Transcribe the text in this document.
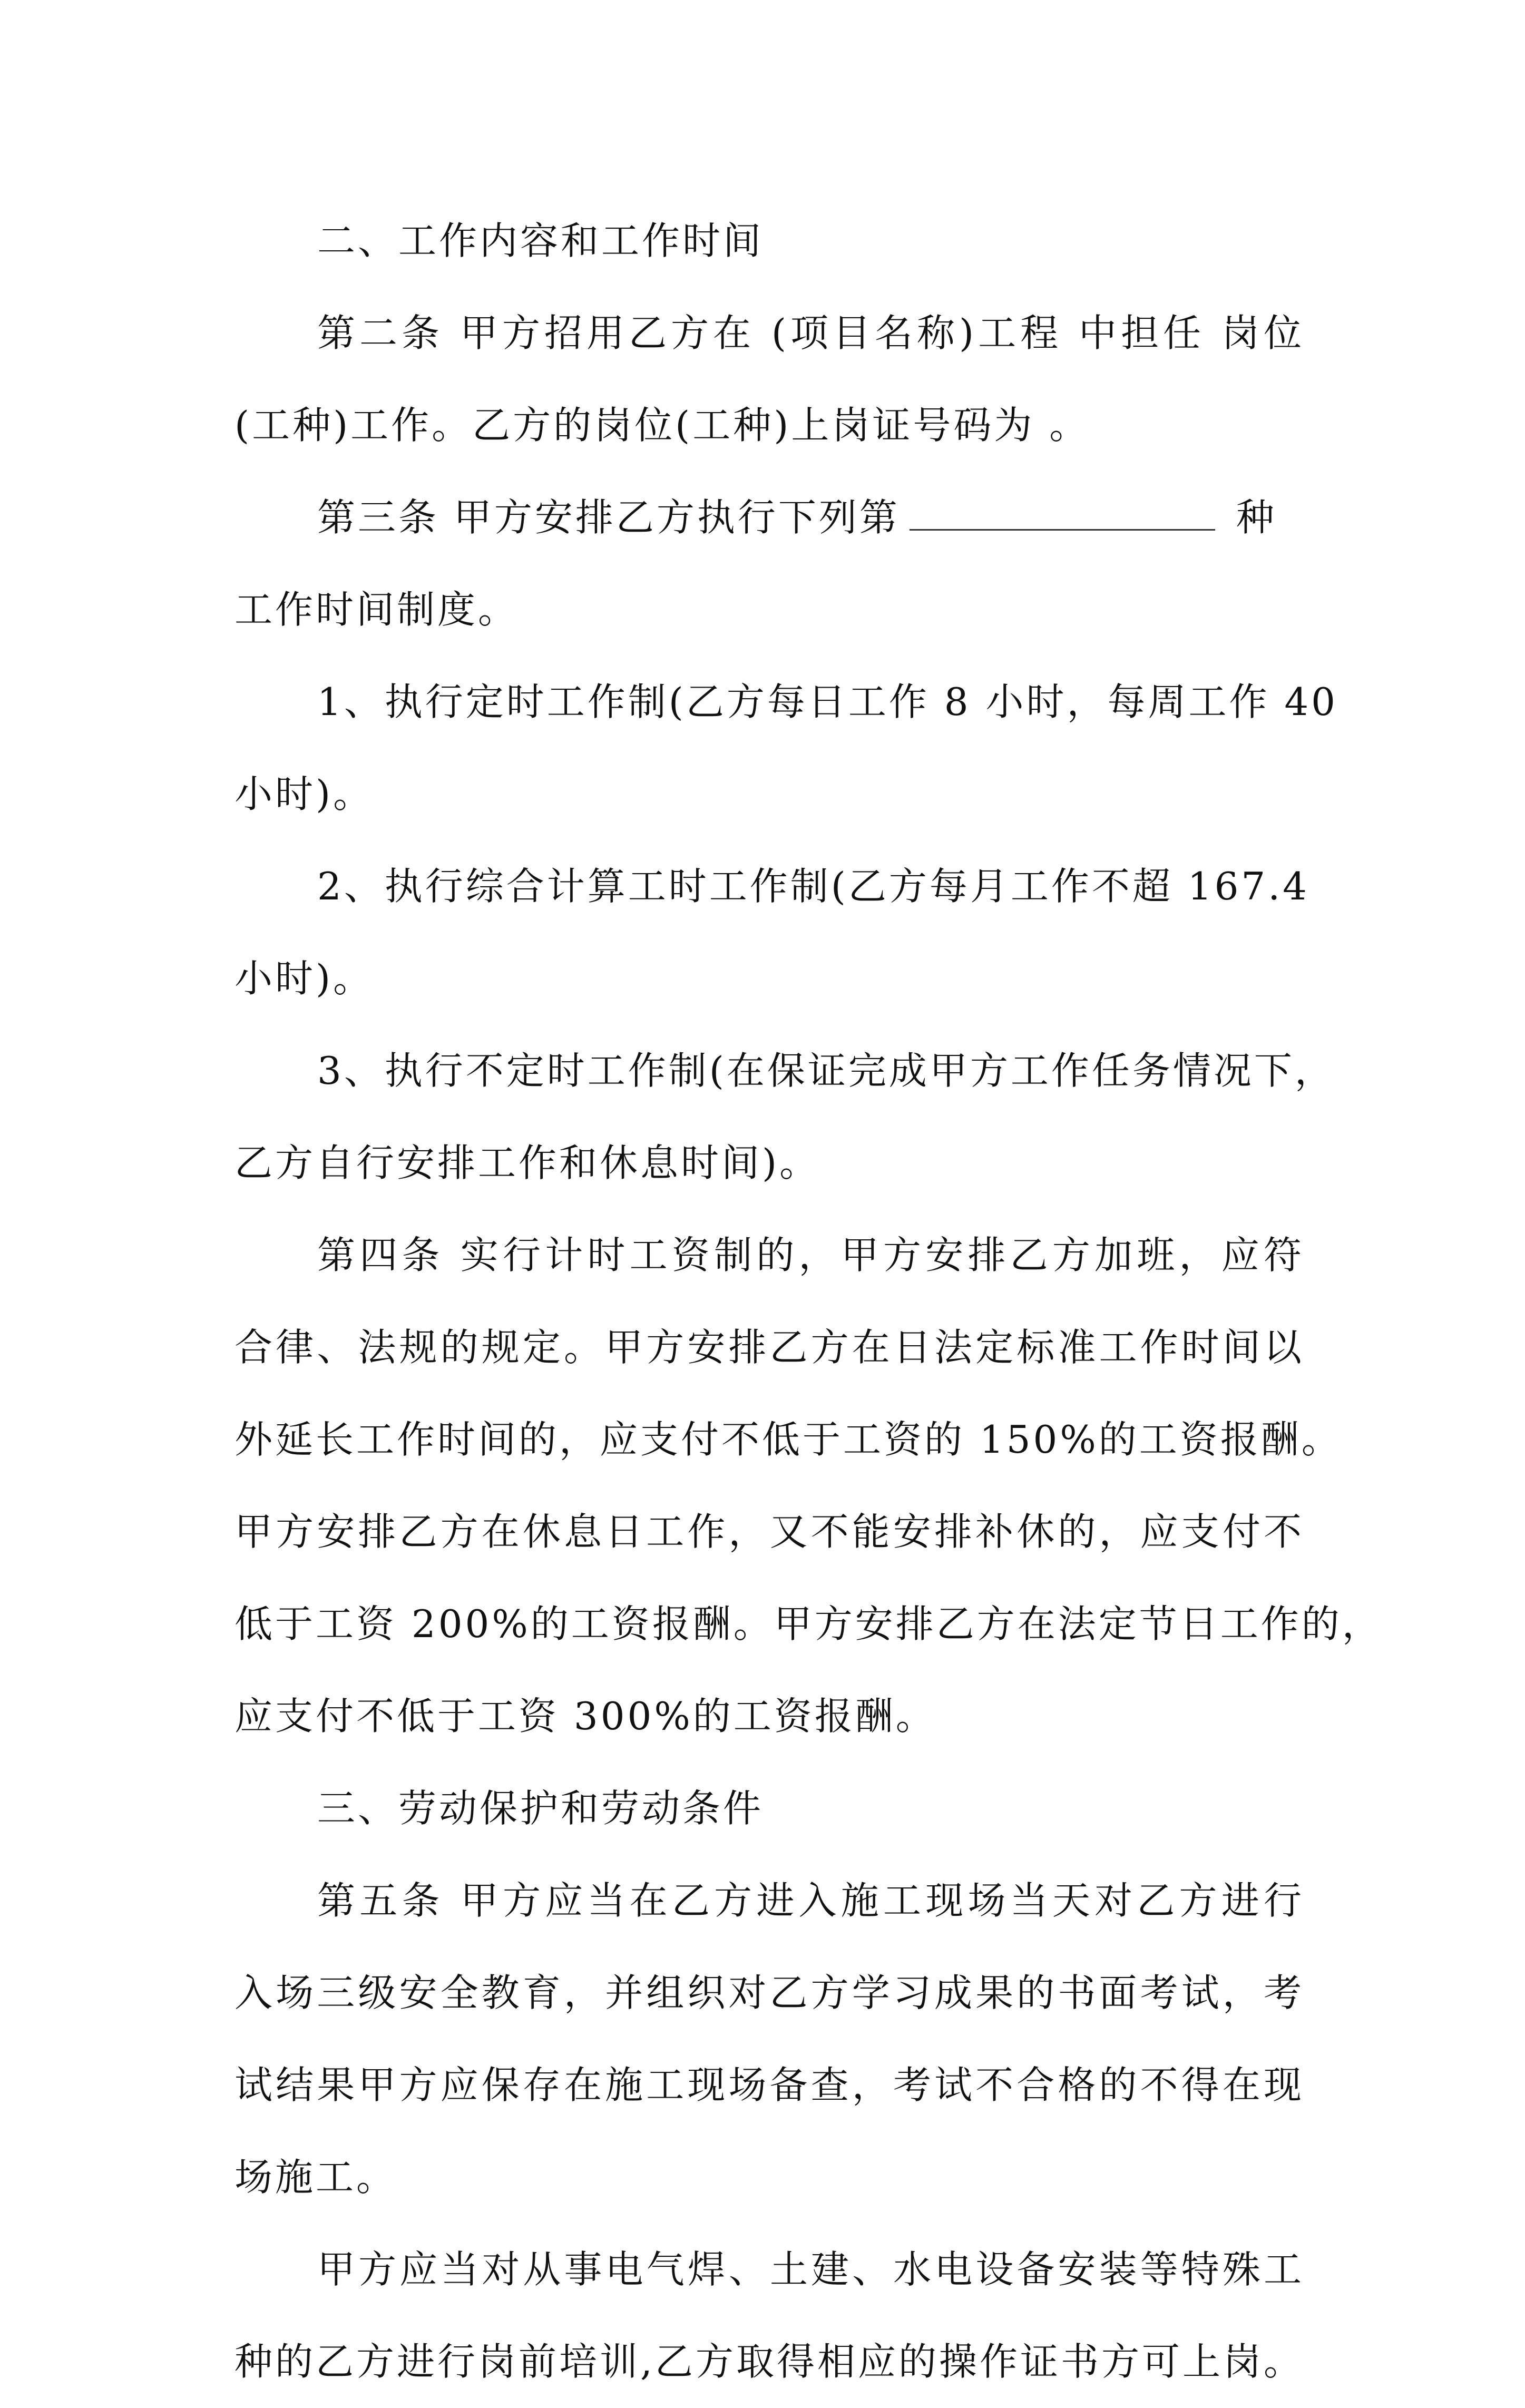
二、工作内容和工作时间
第二条 甲方招用乙方在 (项目名称)工程 中担任 岗位
(工种)工作。乙方的岗位(工种)上岗证号码为 。
第三条 甲方安排乙方执行下列第	种
工作时间制度。
1、执行定时工作制(乙方每日工作 8 小时，每周工作 40
小时)。
2、执行综合计算工时工作制(乙方每月工作不超 167.4
小时)。
3、执行不定时工作制(在保证完成甲方工作任务情况下，
乙方自行安排工作和休息时间)。
第四条 实行计时工资制的，甲方安排乙方加班，应符
合律、法规的规定。甲方安排乙方在日法定标准工作时间以
外延长工作时间的，应支付不低于工资的 150%的工资报酬。
甲方安排乙方在休息日工作，又不能安排补休的，应支付不
低于工资 200%的工资报酬。甲方安排乙方在法定节日工作的，
应支付不低于工资 300%的工资报酬。
三、劳动保护和劳动条件
第五条 甲方应当在乙方进入施工现场当天对乙方进行
入场三级安全教育，并组织对乙方学习成果的书面考试，考
试结果甲方应保存在施工现场备查，考试不合格的不得在现
场施工。
甲方应当对从事电气焊、土建、水电设备安装等特殊工
种的乙方进行岗前培训,乙方取得相应的操作证书方可上岗。
